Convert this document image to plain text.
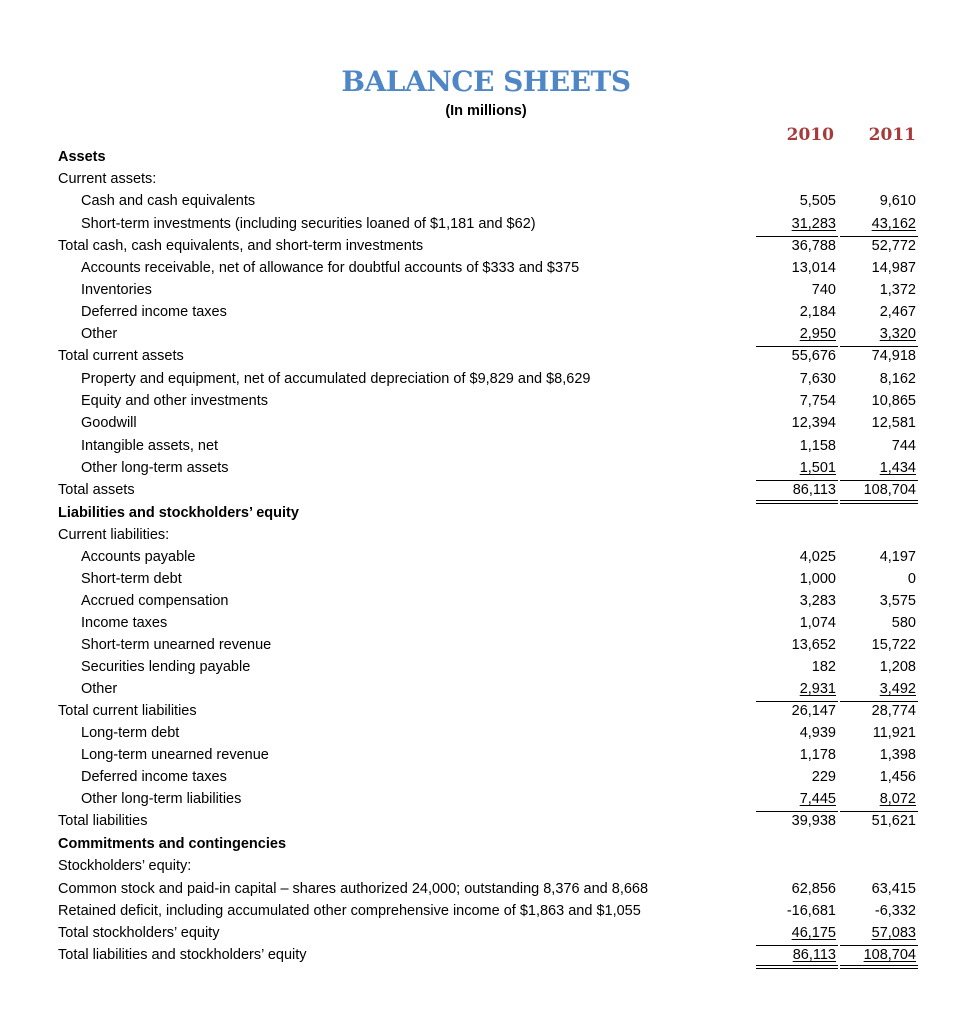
BALANCE SHEETS
(In millions)
2010	2011
Assets
Current assets:
Cash and cash equivalents	5,505	9,610
Short-term investments (including securities loaned of $1,181 and $62)	31,283	43,162
Total cash, cash equivalents, and short-term investments	36,788	52,772
Accounts receivable, net of allowance for doubtful accounts of $333 and $375	13,014	14,987
Inventories	740	1,372
Deferred income taxes	2,184	2,467
Other	2,950	3,320
Total current assets	55,676	74,918
Property and equipment, net of accumulated depreciation of $9,829 and $8,629	7,630	8,162
Equity and other investments	7,754	10,865
Goodwill	12,394	12,581
Intangible assets, net	1,158	744
Other long-term assets	1,501	1,434
Total assets	86,113	108,704
Liabilities and stockholders’ equity
Current liabilities:
Accounts payable	4,025	4,197
Short-term debt	1,000	0
Accrued compensation	3,283	3,575
Income taxes	1,074	580
Short-term unearned revenue	13,652	15,722
Securities lending payable	182	1,208
Other	2,931	3,492
Total current liabilities	26,147	28,774
Long-term debt	4,939	11,921
Long-term unearned revenue	1,178	1,398
Deferred income taxes	229	1,456
Other long-term liabilities	7,445	8,072
Total liabilities	39,938	51,621
Commitments and contingencies
Stockholders’ equity:
Common stock and paid-in capital – shares authorized 24,000; outstanding 8,376 and 8,668	62,856	63,415
Retained deficit, including accumulated other comprehensive income of $1,863 and $1,055	-16,681	-6,332
Total stockholders’ equity	46,175	57,083
Total liabilities and stockholders’ equity	86,113	108,704
